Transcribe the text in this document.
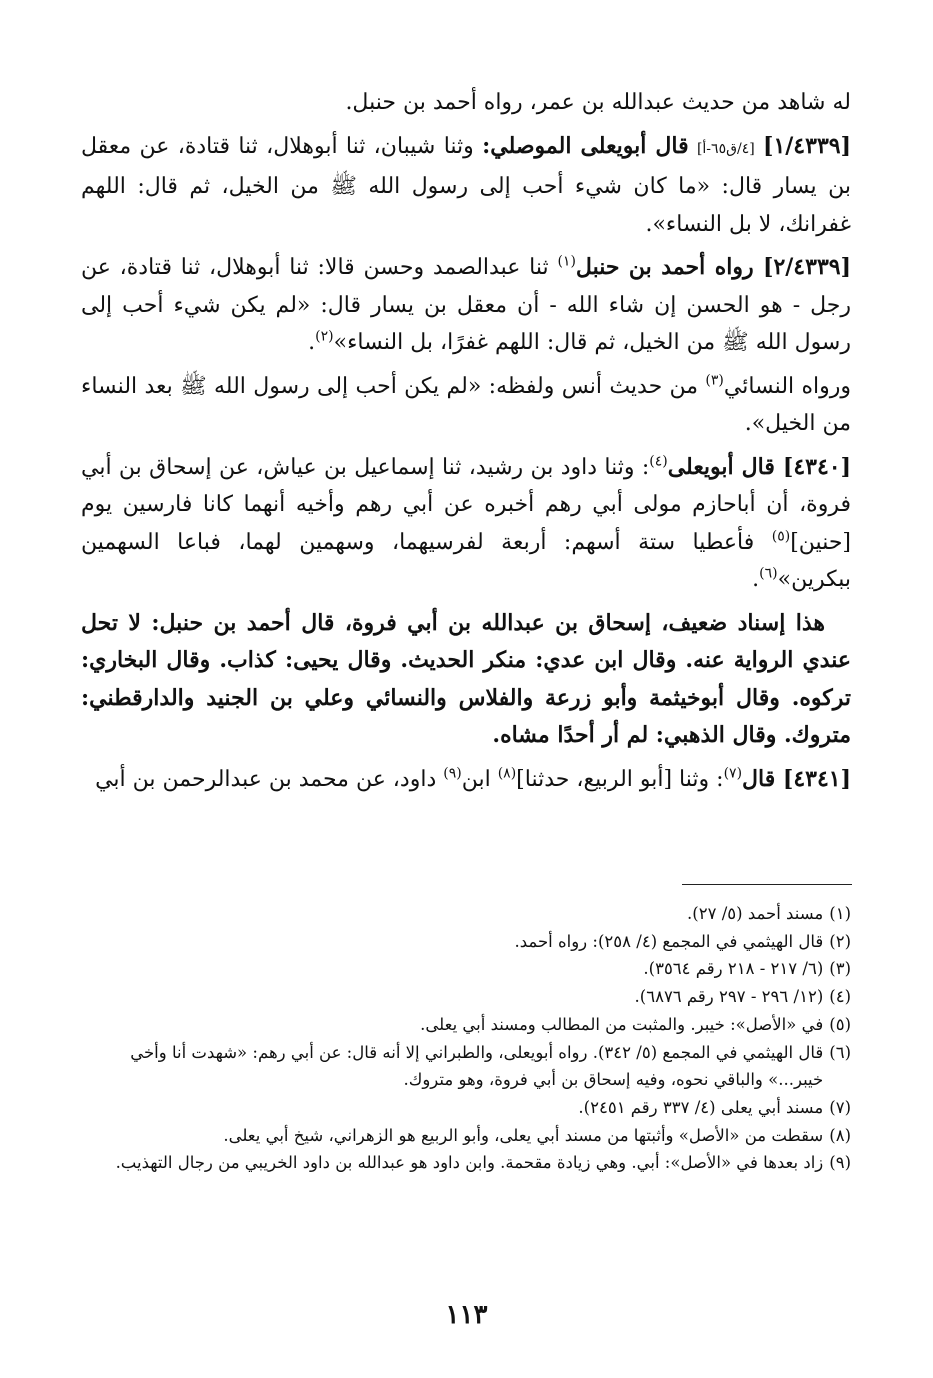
له شاهد من حديث عبدالله بن عمر، رواه أحمد بن حنبل.

[١/٤٣٣٩] [٤/ق٦٥-أ] قال أبويعلى الموصلي: وثنا شيبان، ثنا أبوهلال، ثنا قتادة، عن معقل بن يسار قال: «ما كان شيء أحب إلى رسول الله ﷺ من الخيل، ثم قال: اللهم غفرانك، لا بل النساء».

[٢/٤٣٣٩] رواه أحمد بن حنبل$^{(١)}$ ثنا عبدالصمد وحسن قالا: ثنا أبوهلال، ثنا قتادة، عن رجل - هو الحسن إن شاء الله - أن معقل بن يسار قال: «لم يكن شيء أحب إلى رسول الله ﷺ من الخيل، ثم قال: اللهم غفرًا، بل النساء»$^{(٢)}$.

ورواه النسائي$^{(٣)}$ من حديث أنس ولفظه: «لم يكن أحب إلى رسول الله ﷺ بعد النساء من الخيل».

[٤٣٤٠] قال أبويعلى$^{(٤)}$: وثنا داود بن رشيد، ثنا إسماعيل بن عياش، عن إسحاق بن أبي فروة، أن أباحازم مولى أبي رهم أخبره عن أبي رهم وأخيه أنهما كانا فارسين يوم [حنين]$^{(٥)}$ فأعطيا ستة أسهم: أربعة لفرسيهما، وسهمين لهما، فباعا السهمين ببكرين»$^{(٦)}$.

هذا إسناد ضعيف، إسحاق بن عبدالله بن أبي فروة، قال أحمد بن حنبل: لا تحل عندي الرواية عنه. وقال ابن عدي: منكر الحديث. وقال يحيى: كذاب. وقال البخاري: تركوه. وقال أبوخيثمة وأبو زرعة والفلاس والنسائي وعلي بن الجنيد والدارقطني: متروك. وقال الذهبي: لم أر أحدًا مشاه.

[٤٣٤١] قال$^{(٧)}$: وثنا [أبو الربيع، حدثنا]$^{(٨)}$ ابن$^{(٩)}$ داود، عن محمد بن عبدالرحمن بن أبي

(١)
مسند أحمد (٥/ ٢٧).
(٢)
قال الهيثمي في المجمع (٤/ ٢٥٨): رواه أحمد.
(٣)
(٦/ ٢١٧ - ٢١٨ رقم ٣٥٦٤).
(٤)
(١٢/ ٢٩٦ - ٢٩٧ رقم ٦٨٧٦).
(٥)
في «الأصل»: خيبر. والمثبت من المطالب ومسند أبي يعلى.
(٦)
قال الهيثمي في المجمع (٥/ ٣٤٢). رواه أبويعلى، والطبراني إلا أنه قال: عن أبي رهم: «شهدت أنا وأخي خيبر...» والباقي نحوه، وفيه إسحاق بن أبي فروة، وهو متروك.
(٧)
مسند أبي يعلى (٤/ ٣٣٧ رقم ٢٤٥١).
(٨)
سقطت من «الأصل» وأثبتها من مسند أبي يعلى، وأبو الربيع هو الزهراني، شيخ أبي يعلى.
(٩)
زاد بعدها في «الأصل»: أبي. وهي زيادة مقحمة. وابن داود هو عبدالله بن داود الخريبي من رجال التهذيب.
١١٣
